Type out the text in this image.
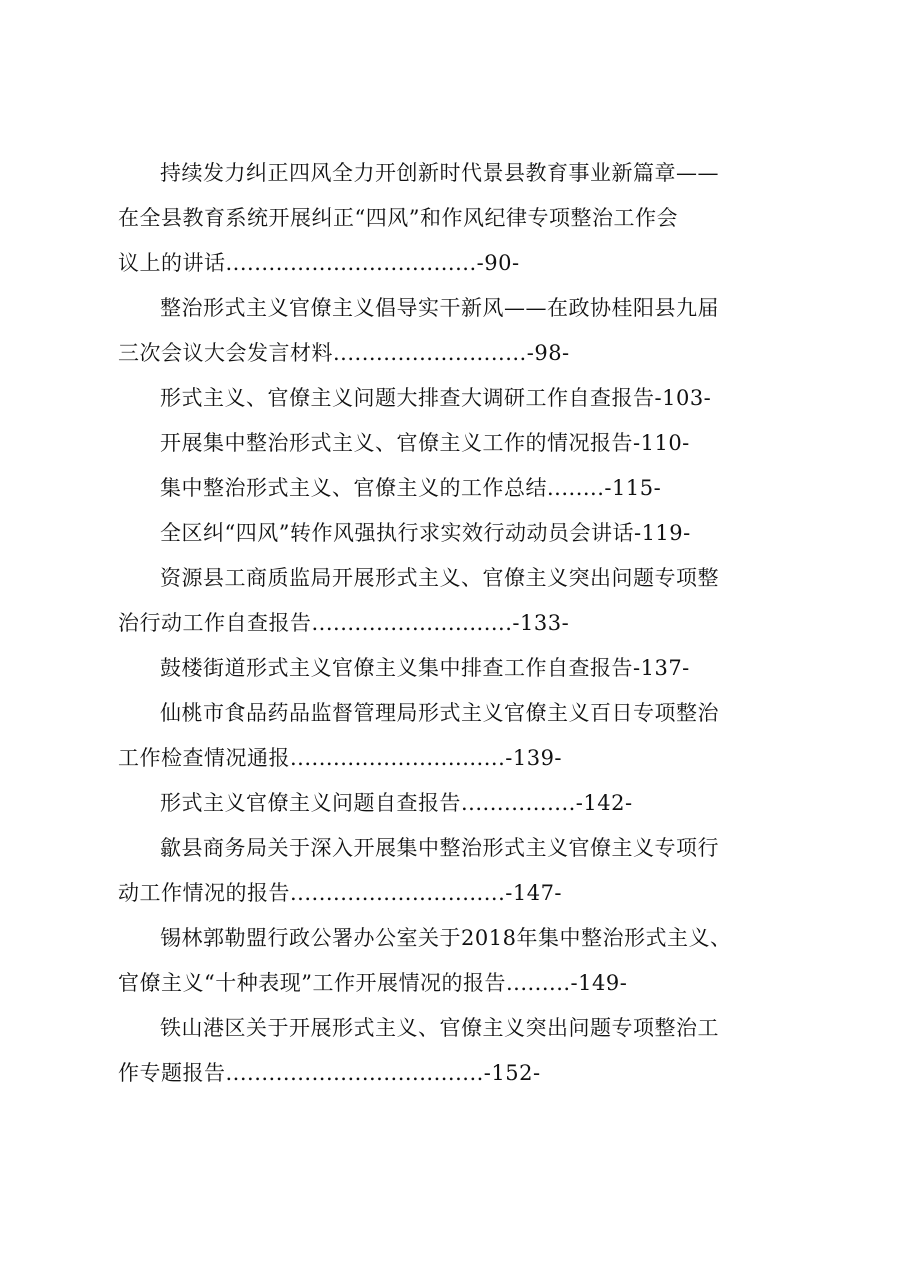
持续发力纠正四风全力开创新时代景县教育事业新篇章——
在全县教育系统开展纠正“四风”和作风纪律专项整治工作会
议上的讲话...................................-90-
整治形式主义官僚主义倡导实干新风——在政协桂阳县九届
三次会议大会发言材料...........................-98-
形式主义、官僚主义问题大排查大调研工作自查报告-103-
开展集中整治形式主义、官僚主义工作的情况报告-110-
集中整治形式主义、官僚主义的工作总结........-115-
全区纠“四风”转作风强执行求实效行动动员会讲话-119-
资源县工商质监局开展形式主义、官僚主义突出问题专项整
治行动工作自查报告............................-133-
鼓楼街道形式主义官僚主义集中排查工作自查报告-137-
仙桃市食品药品监督管理局形式主义官僚主义百日专项整治
工作检查情况通报..............................-139-
形式主义官僚主义问题自查报告................-142-
歙县商务局关于深入开展集中整治形式主义官僚主义专项行
动工作情况的报告..............................-147-
锡林郭勒盟行政公署办公室关于2018年集中整治形式主义、
官僚主义“十种表现”工作开展情况的报告.........-149-
铁山港区关于开展形式主义、官僚主义突出问题专项整治工
作专题报告....................................-152-
